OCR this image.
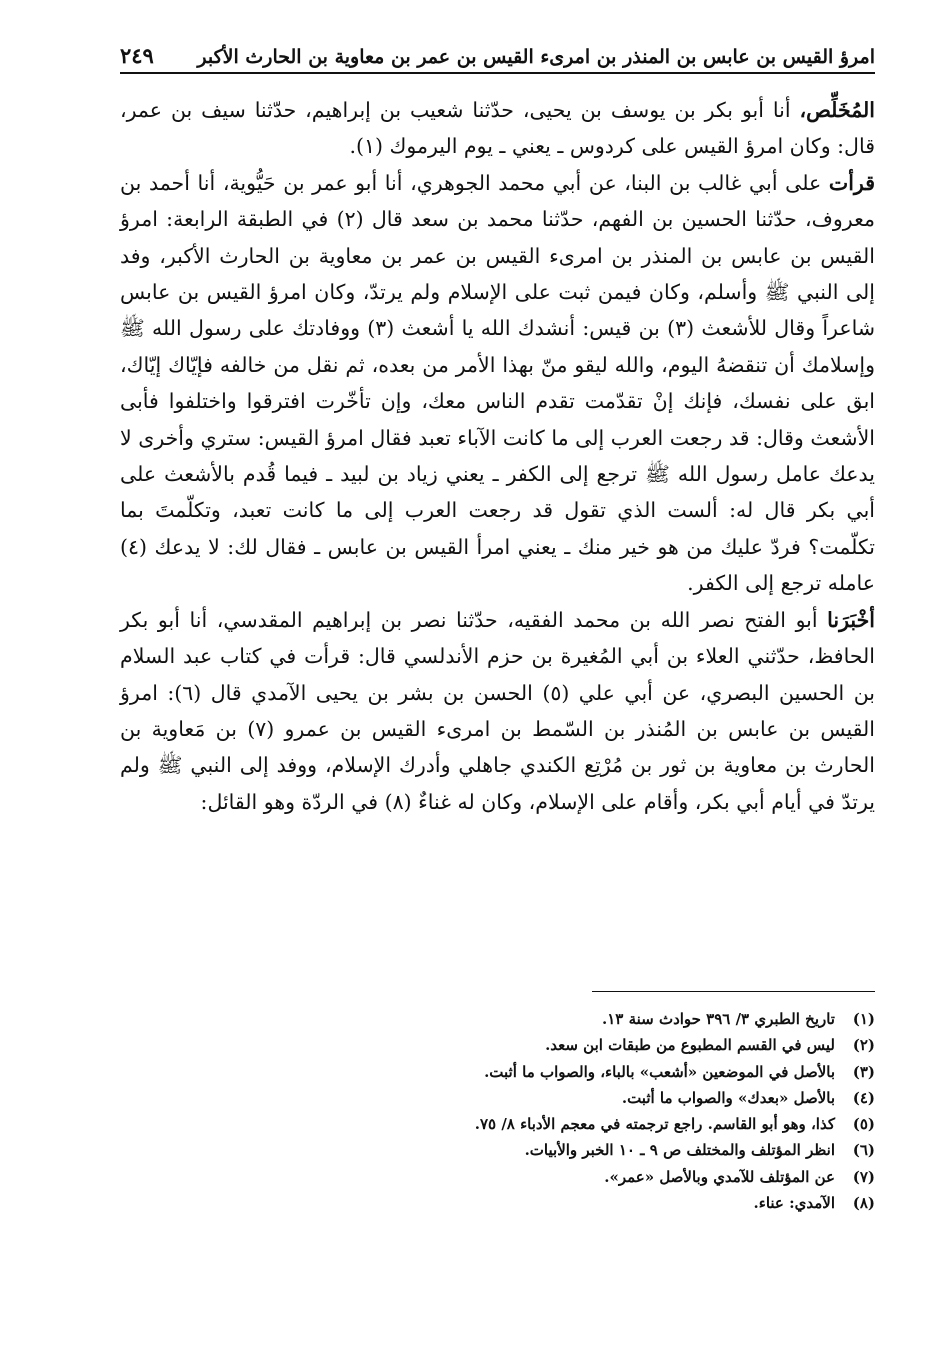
امرؤ القيس بن عابس بن المنذر بن امرىء القيس بن عمر بن معاوية بن الحارث الأكبر
٢٤٩

المُخَلِّص، أنا أبو بكر بن يوسف بن يحيى، حدّثنا شعيب بن إبراهيم، حدّثنا سيف بن عمر، قال: وكان امرؤ القيس على كردوس ـ يعني ـ يوم اليرموك (١).

قرأت على أبي غالب بن البنا، عن أبي محمد الجوهري، أنا أبو عمر بن حَيُّوية، أنا أحمد بن معروف، حدّثنا الحسين بن الفهم، حدّثنا محمد بن سعد قال (٢) في الطبقة الرابعة: امرؤ القيس بن عابس بن المنذر بن امرىء القيس بن عمر بن معاوية بن الحارث الأكبر، وفد إلى النبي ﷺ وأسلم، وكان فيمن ثبت على الإسلام ولم يرتدّ، وكان امرؤ القيس بن عابس شاعراً وقال للأشعث (٣) بن قيس: أنشدك الله يا أشعث (٣) ووفادتك على رسول الله ﷺ وإسلامك أن تنقضهُ اليوم، والله ليقو منّ بهذا الأمر من بعده، ثم نقل من خالفه فإيّاك إيّاك، ابق على نفسك، فإنك إنْ تقدّمت تقدم الناس معك، وإن تأخّرت افترقوا واختلفوا فأبى الأشعث وقال: قد رجعت العرب إلى ما كانت الآباء تعبد فقال امرؤ القيس: ستري وأخرى لا يدعك عامل رسول الله ﷺ ترجع إلى الكفر ـ يعني زياد بن لبيد ـ فيما قُدم بالأشعث على أبي بكر قال له: ألست الذي تقول قد رجعت العرب إلى ما كانت تعبد، وتكلّمتَ بما تكلّمت؟ فردّ عليك من هو خير منك ـ يعني امرأ القيس بن عابس ـ فقال لك: لا يدعك (٤) عامله ترجع إلى الكفر.

أخْبَرَنا أبو الفتح نصر الله بن محمد الفقيه، حدّثنا نصر بن إبراهيم المقدسي، أنا أبو بكر الحافظ، حدّثني العلاء بن أبي المُغيرة بن حزم الأندلسي قال: قرأت في كتاب عبد السلام بن الحسين البصري، عن أبي علي (٥) الحسن بن بشر بن يحيى الآمدي قال (٦): امرؤ القيس بن عابس بن المُنذر بن السّمط بن امرىء القيس بن عمرو (٧) بن مَعاوية بن الحارث بن معاوية بن ثور بن مُرْتِع الكندي جاهلي وأدرك الإسلام، ووفد إلى النبي ﷺ ولم يرتدّ في أيام أبي بكر، وأقام على الإسلام، وكان له غناءٌ (٨) في الردّة وهو القائل:

(١)
تاريخ الطبري ٣/ ٣٩٦ حوادث سنة ١٣.
(٢)
ليس في القسم المطبوع من طبقات ابن سعد.
(٣)
بالأصل في الموضعين «أشعب» بالباء، والصواب ما أثبت.
(٤)
بالأصل «بعدك» والصواب ما أثبت.
(٥)
كذا، وهو أبو القاسم. راجع ترجمته في معجم الأدباء ٨/ ٧٥.
(٦)
انظر المؤتلف والمختلف ص ٩ ـ ١٠ الخبر والأبيات.
(٧)
عن المؤتلف للآمدي وبالأصل «عمر».
(٨)
الآمدي: عناء.
